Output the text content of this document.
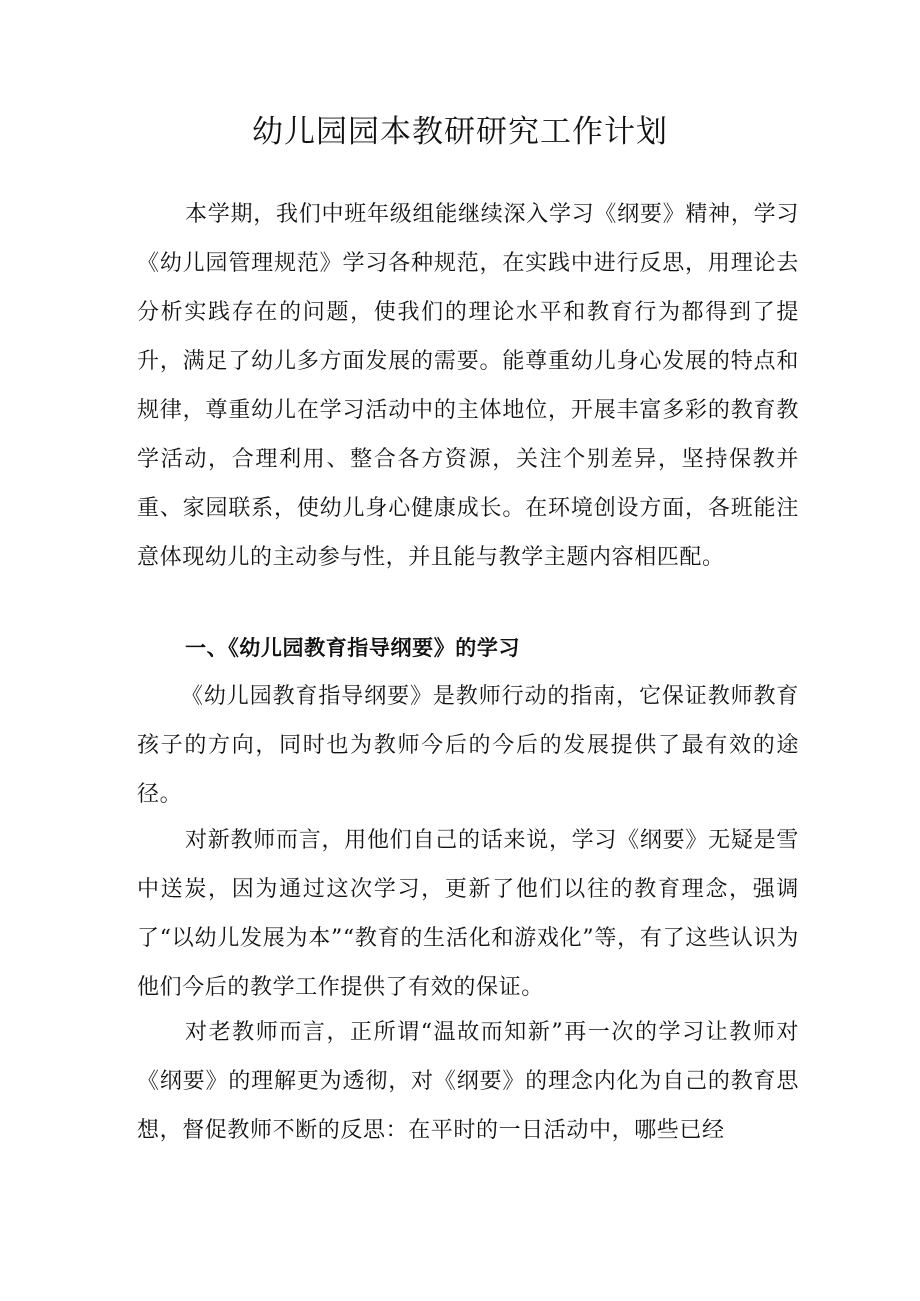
幼儿园园本教研研究工作计划

本学期，我们中班年级组能继续深入学习《纲要》精神，学习《幼儿园管理规范》学习各种规范，在实践中进行反思，用理论去分析实践存在的问题，使我们的理论水平和教育行为都得到了提升，满足了幼儿多方面发展的需要。能尊重幼儿身心发展的特点和规律，尊重幼儿在学习活动中的主体地位，开展丰富多彩的教育教学活动，合理利用、整合各方资源，关注个别差异，坚持保教并重、家园联系，使幼儿身心健康成长。在环境创设方面，各班能注意体现幼儿的主动参与性，并且能与教学主题内容相匹配。

一、《幼儿园教育指导纲要》的学习

《幼儿园教育指导纲要》是教师行动的指南，它保证教师教育孩子的方向，同时也为教师今后的今后的发展提供了最有效的途径。

对新教师而言，用他们自己的话来说，学习《纲要》无疑是雪中送炭，因为通过这次学习，更新了他们以往的教育理念，强调了“以幼儿发展为本”“教育的生活化和游戏化”等，有了这些认识为他们今后的教学工作提供了有效的保证。

对老教师而言，正所谓“温故而知新”再一次的学习让教师对《纲要》的理解更为透彻，对《纲要》的理念内化为自己的教育思想，督促教师不断的反思：在平时的一日活动中，哪些已经
